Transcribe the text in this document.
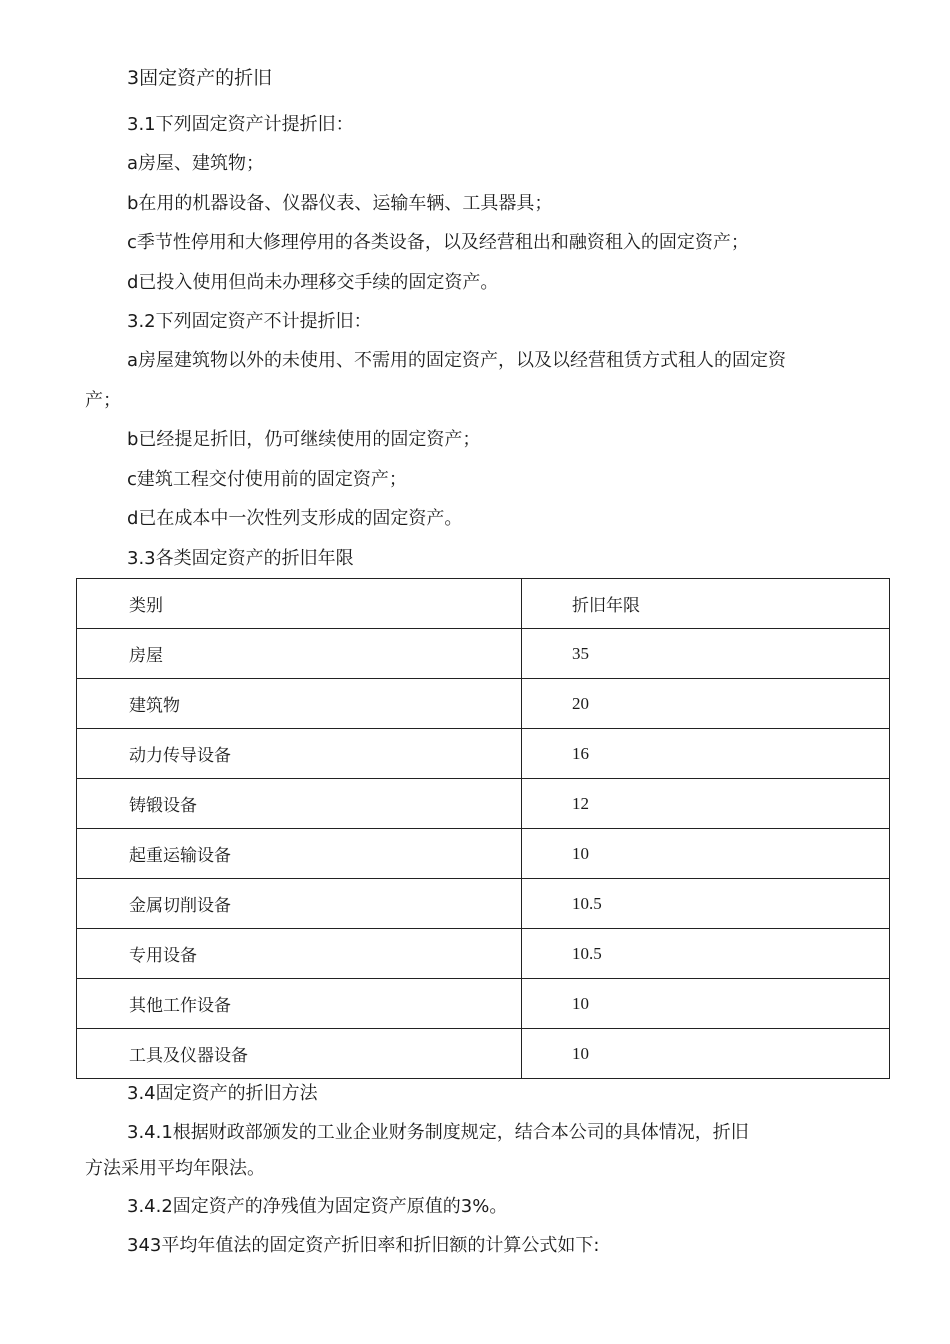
3固定资产的折旧
3.1下列固定资产计提折旧：
a房屋、建筑物；
b在用的机器设备、仪器仪表、运输车辆、工具器具；
c季节性停用和大修理停用的各类设备，以及经营租出和融资租入的固定资产；
d已投入使用但尚未办理移交手续的固定资产。
3.2下列固定资产不计提折旧：
a房屋建筑物以外的未使用、不需用的固定资产，以及以经营租赁方式租人的固定资
产；
b已经提足折旧，仍可继续使用的固定资产；
c建筑工程交付使用前的固定资产；
d已在成本中一次性列支形成的固定资产。
3.3各类固定资产的折旧年限
类别	折旧年限
房屋	35
建筑物	20
动力传导设备	16
铸锻设备	12
起重运输设备	10
金属切削设备	10.5
专用设备	10.5
其他工作设备	10
工具及仪器设备	10
3.4固定资产的折旧方法
3.4.1根据财政部颁发的工业企业财务制度规定，结合本公司的具体情况，折旧
方法采用平均年限法。
3.4.2固定资产的净残值为固定资产原值的3%。
343平均年值法的固定资产折旧率和折旧额的计算公式如下:
